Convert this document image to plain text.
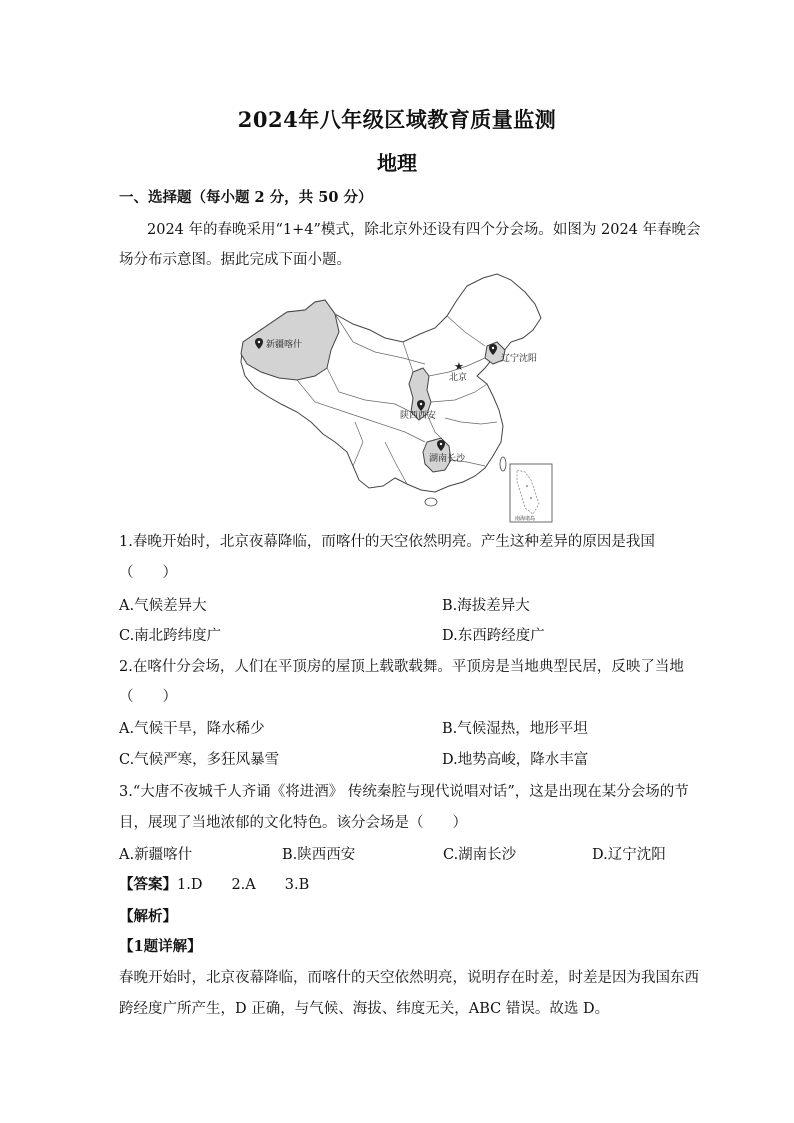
2024年八年级区域教育质量监测
地理
一、选择题（每小题 2 分，共 50 分）
2024 年的春晚采用“1+4”模式，除北京外还设有四个分会场。如图为 2024 年春晚会
场分布示意图。据此完成下面小题。
新疆喀什
辽宁沈阳
★
北京
陕西西安
湖南长沙
南海诸岛
1.春晚开始时，北京夜幕降临，而喀什的天空依然明亮。产生这种差异的原因是我国
（　　）
A.气候差异大	B.海拔差异大
C.南北跨纬度广	D.东西跨经度广
2.在喀什分会场，人们在平顶房的屋顶上载歌载舞。平顶房是当地典型民居，反映了当地
（　　）
A.气候干旱，降水稀少	B.气候湿热，地形平坦
C.气候严寒，多狂风暴雪	D.地势高峻，降水丰富
3.“大唐不夜城千人齐诵《将进酒》 传统秦腔与现代说唱对话”，这是出现在某分会场的节
目，展现了当地浓郁的文化特色。该分会场是（　　）
A.新疆喀什	B.陕西西安	C.湖南长沙	D.辽宁沈阳
【答案】1.D　　2.A　　3.B
【解析】
【1题详解】
春晚开始时，北京夜幕降临，而喀什的天空依然明亮，说明存在时差，时差是因为我国东西
跨经度广所产生，D 正确，与气候、海拔、纬度无关，ABC 错误。故选 D。
